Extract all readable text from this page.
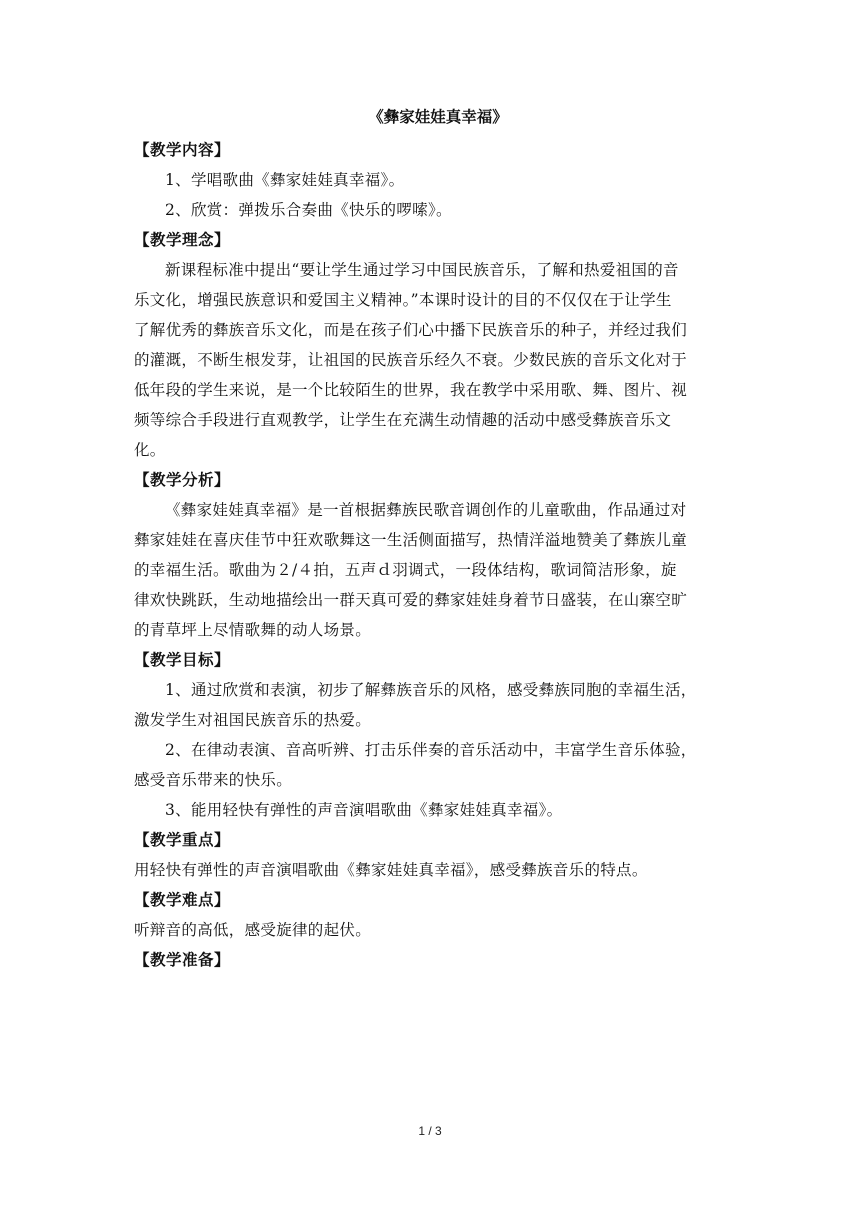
《彝家娃娃真幸福》

【教学内容】

1、学唱歌曲《彝家娃娃真幸福》。

2、欣赏：弹拨乐合奏曲《快乐的啰嗦》。

【教学理念】

新课程标准中提出“要让学生通过学习中国民族音乐，了解和热爱祖国的音

乐文化，增强民族意识和爱国主义精神。”本课时设计的目的不仅仅在于让学生

了解优秀的彝族音乐文化，而是在孩子们心中播下民族音乐的种子，并经过我们

的灌溉，不断生根发芽，让祖国的民族音乐经久不衰。少数民族的音乐文化对于

低年段的学生来说，是一个比较陌生的世界，我在教学中采用歌、舞、图片、视

频等综合手段进行直观教学，让学生在充满生动情趣的活动中感受彝族音乐文

化。

【教学分析】

《彝家娃娃真幸福》是一首根据彝族民歌音调创作的儿童歌曲，作品通过对

彝家娃娃在喜庆佳节中狂欢歌舞这一生活侧面描写，热情洋溢地赞美了彝族儿童

的幸福生活。歌曲为２/４拍，五声ｄ羽调式，一段体结构，歌词简洁形象，旋

律欢快跳跃，生动地描绘出一群天真可爱的彝家娃娃身着节日盛装，在山寨空旷

的青草坪上尽情歌舞的动人场景。

【教学目标】

1、通过欣赏和表演，初步了解彝族音乐的风格，感受彝族同胞的幸福生活，

激发学生对祖国民族音乐的热爱。

2、在律动表演、音高听辨、打击乐伴奏的音乐活动中，丰富学生音乐体验，

感受音乐带来的快乐。

3、能用轻快有弹性的声音演唱歌曲《彝家娃娃真幸福》。

【教学重点】

用轻快有弹性的声音演唱歌曲《彝家娃娃真幸福》，感受彝族音乐的特点。

【教学难点】

听辩音的高低，感受旋律的起伏。

【教学准备】

1 / 3
